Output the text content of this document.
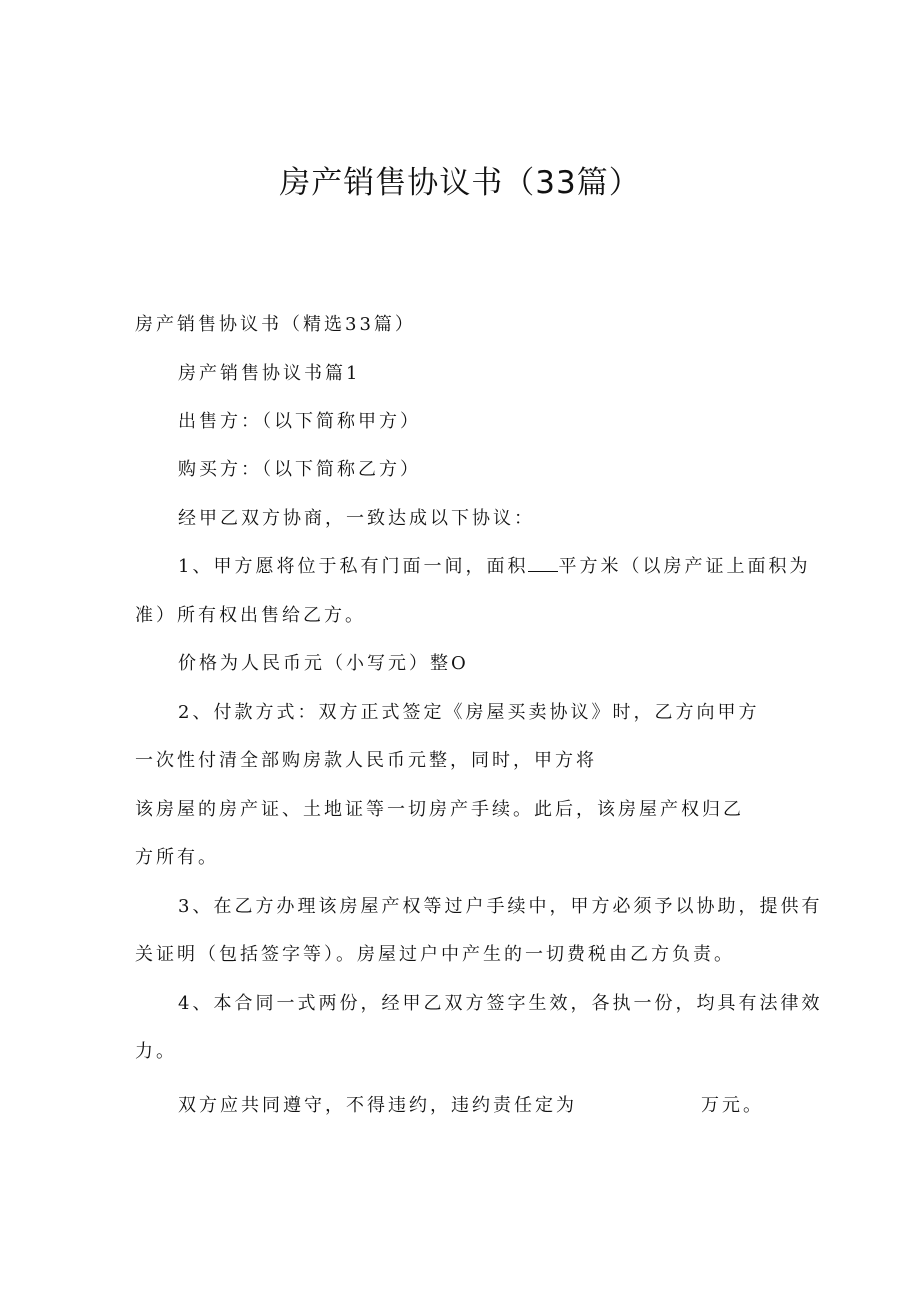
房产销售协议书（33篇）
房产销售协议书（精选33篇）
房产销售协议书篇1
出售方：（以下简称甲方）
购买方：（以下简称乙方）
经甲乙双方协商，一致达成以下协议：
1、甲方愿将位于私有门面一间，面积 平方米（以房产证上面积为
准）所有权出售给乙方。
价格为人民币元（小写元）整O
2、付款方式：双方正式签定《房屋买卖协议》时，乙方向甲方
一次性付清全部购房款人民币元整，同时，甲方将
该房屋的房产证、土地证等一切房产手续。此后，该房屋产权归乙
方所有。
3、在乙方办理该房屋产权等过户手续中，甲方必须予以协助，提供有
关证明（包括签字等）。房屋过户中产生的一切费税由乙方负责。
4、本合同一式两份，经甲乙双方签字生效，各执一份，均具有法律效
力。
双方应共同遵守，不得违约，违约责任定为	万元。
